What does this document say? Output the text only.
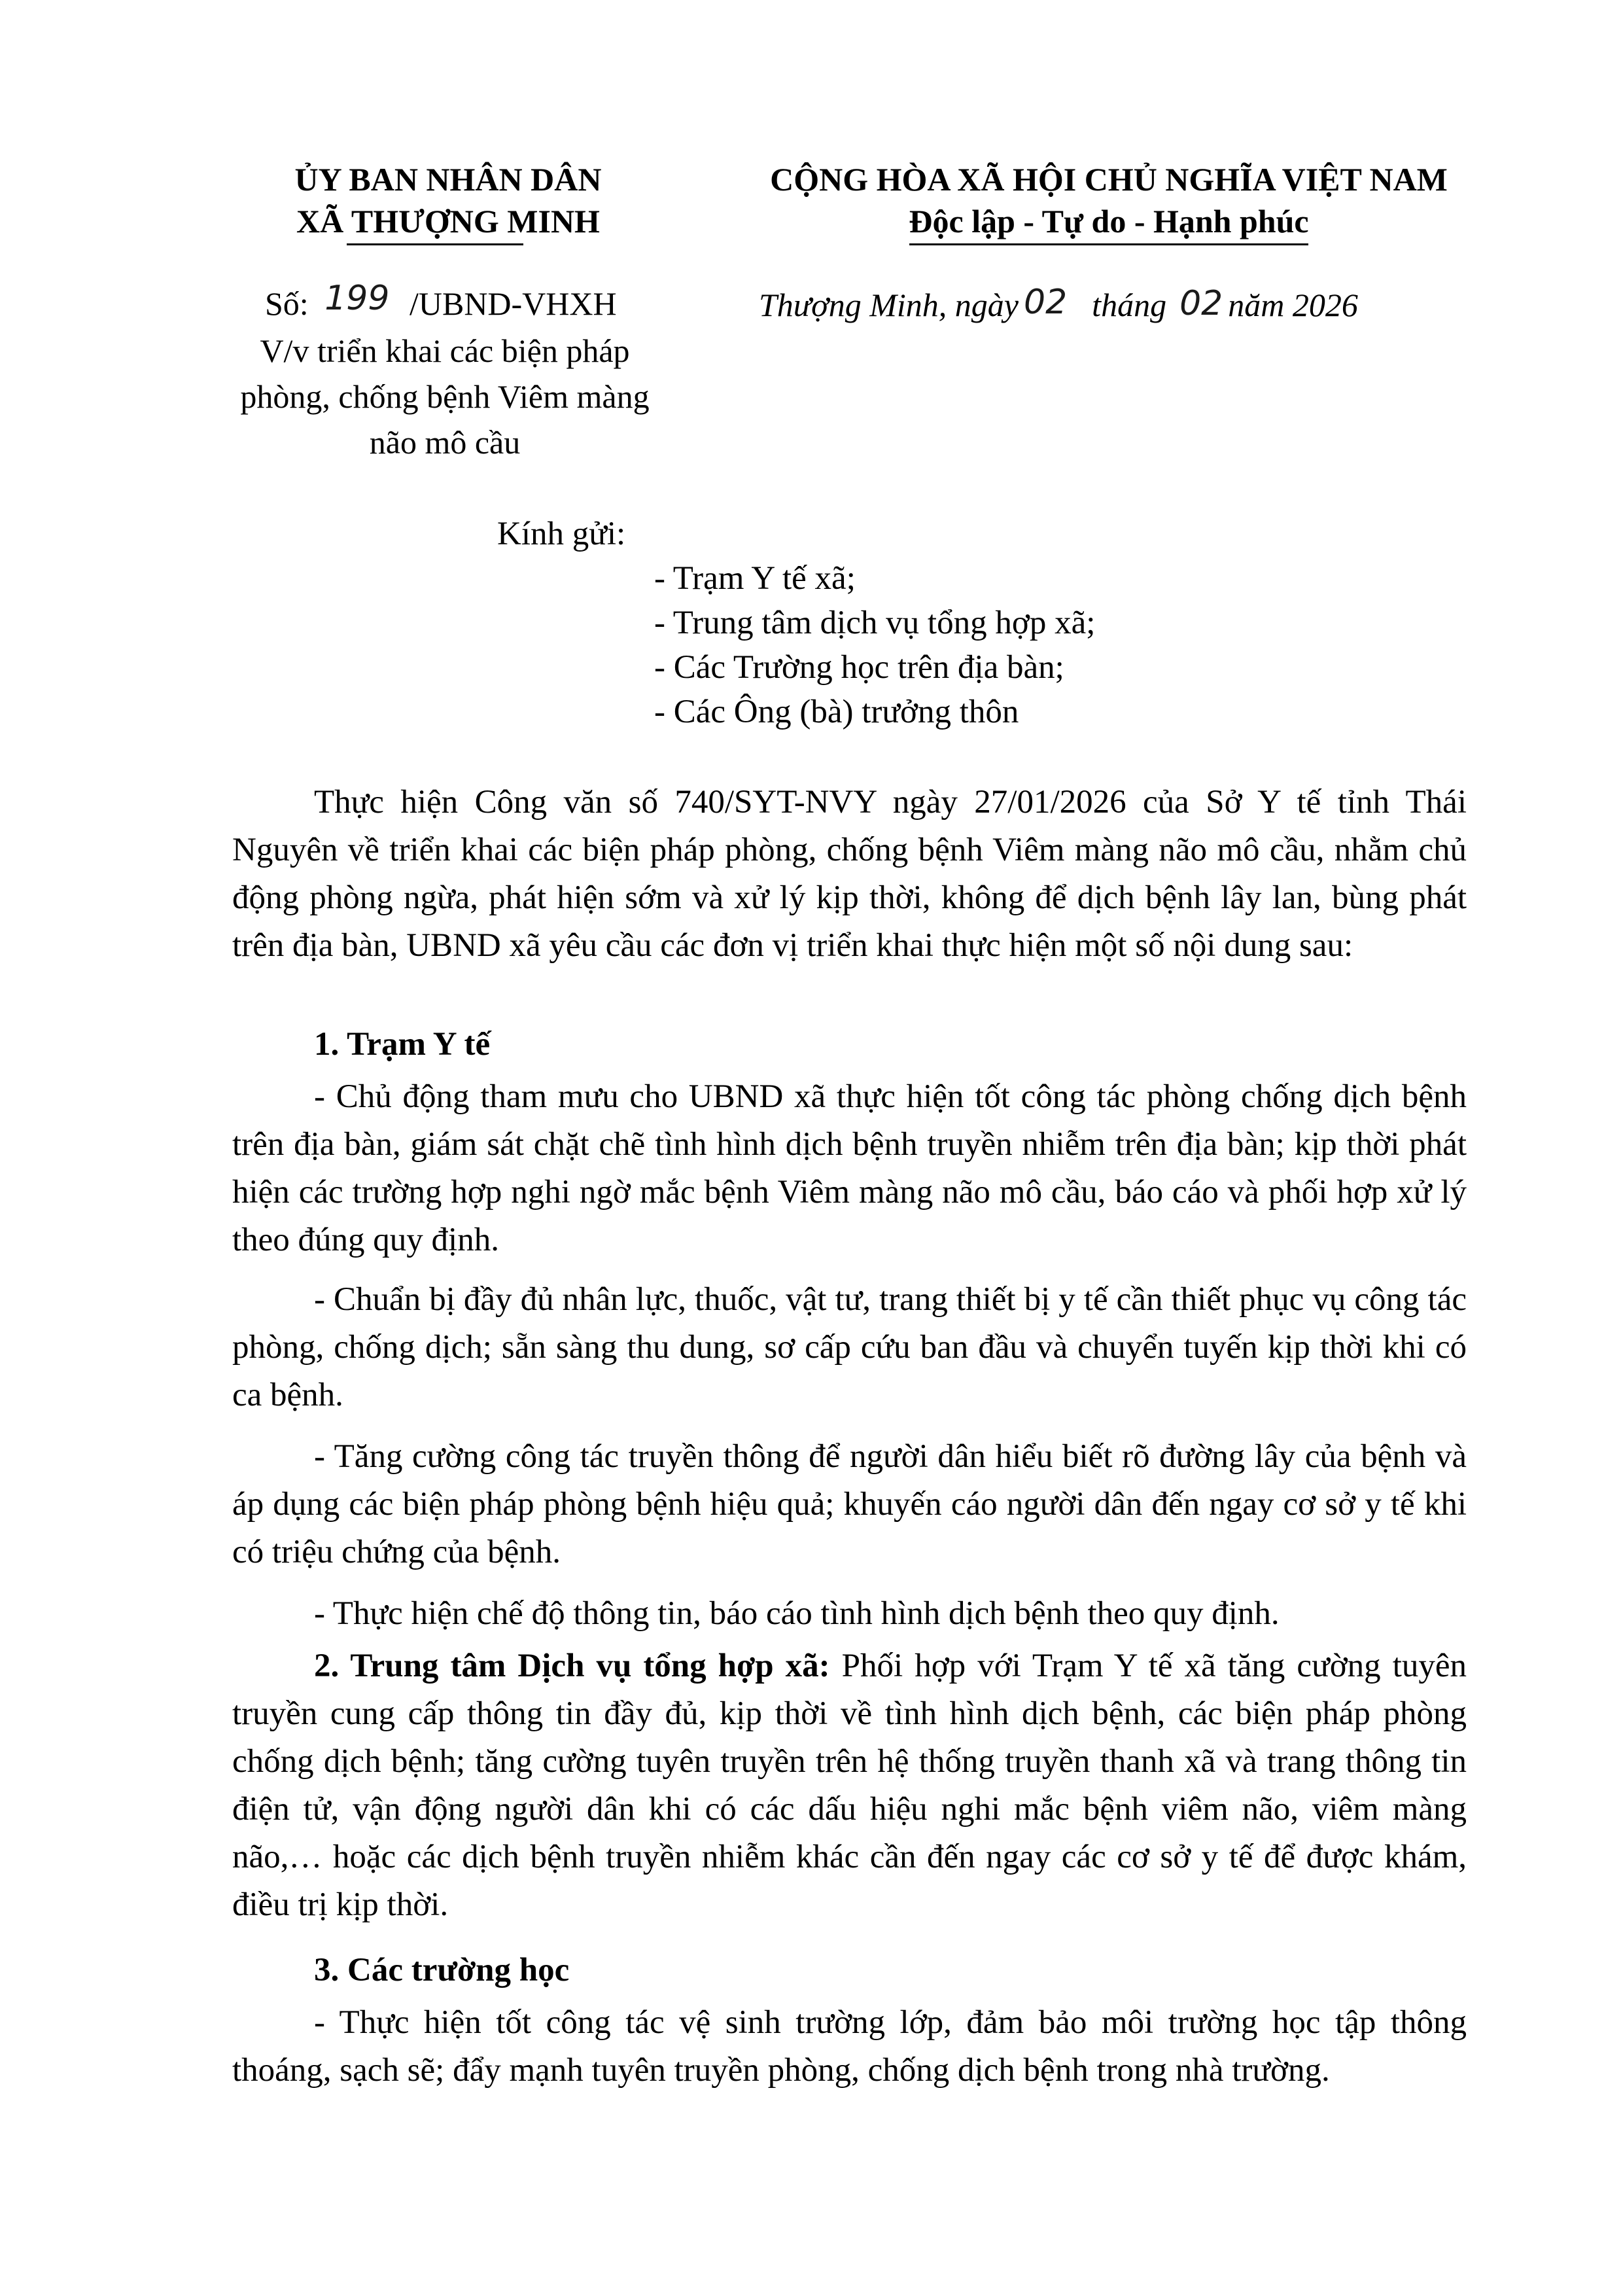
ỦY BAN NHÂN DÂN
XÃ THƯỢNG MINH
CỘNG HÒA XÃ HỘI CHỦ NGHĨA VIỆT NAM
Độc lập - Tự do - Hạnh phúc
Số: 199 /UBND-VHXH
V/v triển khai các biện pháp
phòng, chống bệnh Viêm màng
não mô cầu
Thượng Minh, ngày 02 tháng 02 năm 2026
Kính gửi:
- Trạm Y tế xã;
- Trung tâm dịch vụ tổng hợp xã;
- Các Trường học trên địa bàn;
- Các Ông (bà) trưởng thôn

Thực hiện Công văn số 740/SYT-NVY ngày 27/01/2026 của Sở Y tế tỉnh Thái Nguyên về triển khai các biện pháp phòng, chống bệnh Viêm màng não mô cầu, nhằm chủ động phòng ngừa, phát hiện sớm và xử lý kịp thời, không để dịch bệnh lây lan, bùng phát trên địa bàn, UBND xã yêu cầu các đơn vị triển khai thực hiện một số nội dung sau:

1. Trạm Y tế

- Chủ động tham mưu cho UBND xã thực hiện tốt công tác phòng chống dịch bệnh trên địa bàn, giám sát chặt chẽ tình hình dịch bệnh truyền nhiễm trên địa bàn; kịp thời phát hiện các trường hợp nghi ngờ mắc bệnh Viêm màng não mô cầu, báo cáo và phối hợp xử lý theo đúng quy định.

- Chuẩn bị đầy đủ nhân lực, thuốc, vật tư, trang thiết bị y tế cần thiết phục vụ công tác phòng, chống dịch; sẵn sàng thu dung, sơ cấp cứu ban đầu và chuyển tuyến kịp thời khi có ca bệnh.

- Tăng cường công tác truyền thông để người dân hiểu biết rõ đường lây của bệnh và áp dụng các biện pháp phòng bệnh hiệu quả; khuyến cáo người dân đến ngay cơ sở y tế khi có triệu chứng của bệnh.

- Thực hiện chế độ thông tin, báo cáo tình hình dịch bệnh theo quy định.

2. Trung tâm Dịch vụ tổng hợp xã: Phối hợp với Trạm Y tế xã tăng cường tuyên truyền cung cấp thông tin đầy đủ, kịp thời về tình hình dịch bệnh, các biện pháp phòng chống dịch bệnh; tăng cường tuyên truyền trên hệ thống truyền thanh xã và trang thông tin điện tử, vận động người dân khi có các dấu hiệu nghi mắc bệnh viêm não, viêm màng não,… hoặc các dịch bệnh truyền nhiễm khác cần đến ngay các cơ sở y tế để được khám, điều trị kịp thời.

3. Các trường học

- Thực hiện tốt công tác vệ sinh trường lớp, đảm bảo môi trường học tập thông thoáng, sạch sẽ; đẩy mạnh tuyên truyền phòng, chống dịch bệnh trong nhà trường.
